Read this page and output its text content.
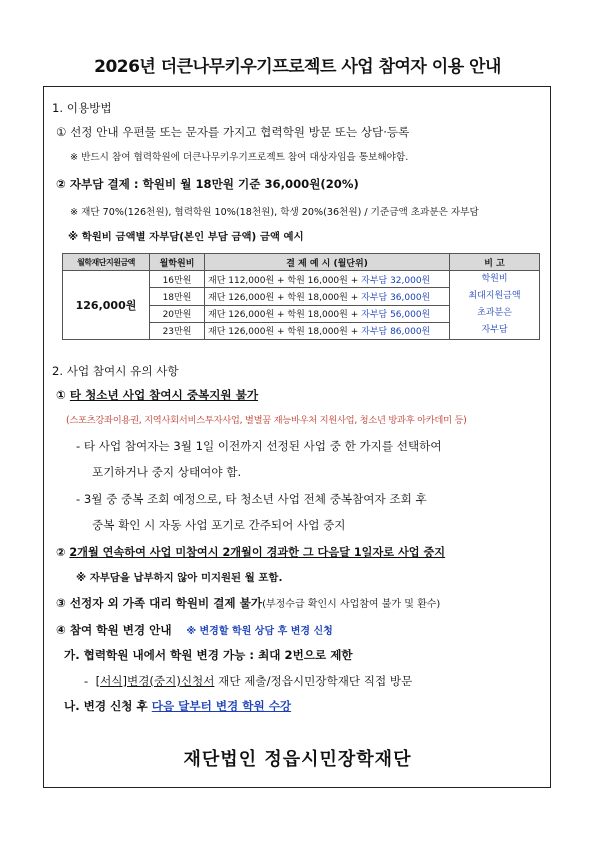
2026년 더큰나무키우기프로젝트 사업 참여자 이용 안내
1. 이용방법
① 선정 안내 우편물 또는 문자를 가지고 협력학원 방문 또는 상담·등록
※ 반드시 참여 협력학원에 더큰나무키우기프로젝트 참여 대상자임을 통보해야함.
② 자부담 결제 : 학원비 월 18만원 기준 36,000원(20%)
※ 재단 70%(126천원), 협력학원 10%(18천원), 학생 20%(36천원) / 기준금액 초과분은 자부담
※ 학원비 금액별 자부담(본인 부담 금액) 금액 예시
월학재단지원금액	월학원비	결 제 예 시 (월단위)	비 고
126,000원	16만원	재단 112,000원 + 학원 16,000원 + 자부담 32,000원	학원비
최대지원금액
초과분은
자부담

	18만원	재단 126,000원 + 학원 18,000원 + 자부담 36,000원	
	20만원	재단 126,000원 + 학원 18,000원 + 자부담 56,000원	
	23만원	재단 126,000원 + 학원 18,000원 + 자부담 86,000원	
2. 사업 참여시 유의 사항
① 타 청소년 사업 참여시 중복지원 불가
(스포츠강좌이용권, 지역사회서비스투자사업, 별별꿈 재능바우처 지원사업, 청소년 방과후 아카데미 등)
- 타 사업 참여자는 3월 1일 이전까지 선정된 사업 중 한 가지를 선택하여
포기하거나 중지 상태여야 함.
- 3월 중 중복 조회 예정으로, 타 청소년 사업 전체 중복참여자 조회 후
중복 확인 시 자동 사업 포기로 간주되어 사업 중지
② 2개월 연속하여 사업 미참여시 2개월이 경과한 그 다음달 1일자로 사업 중지
※ 자부담을 납부하지 않아 미지원된 월 포함.
③ 선정자 외 가족 대리 학원비 결제 불가(부정수급 확인시 사업참여 불가 및 환수)
④ 참여 학원 변경 안내 ※ 변경할 학원 상담 후 변경 신청
가. 협력학원 내에서 학원 변경 가능 : 최대 2번으로 제한
- [서식]변경(중지)신청서 재단 제출/정읍시민장학재단 직접 방문
나. 변경 신청 후 다음 달부터 변경 학원 수강
재단법인 정읍시민장학재단
